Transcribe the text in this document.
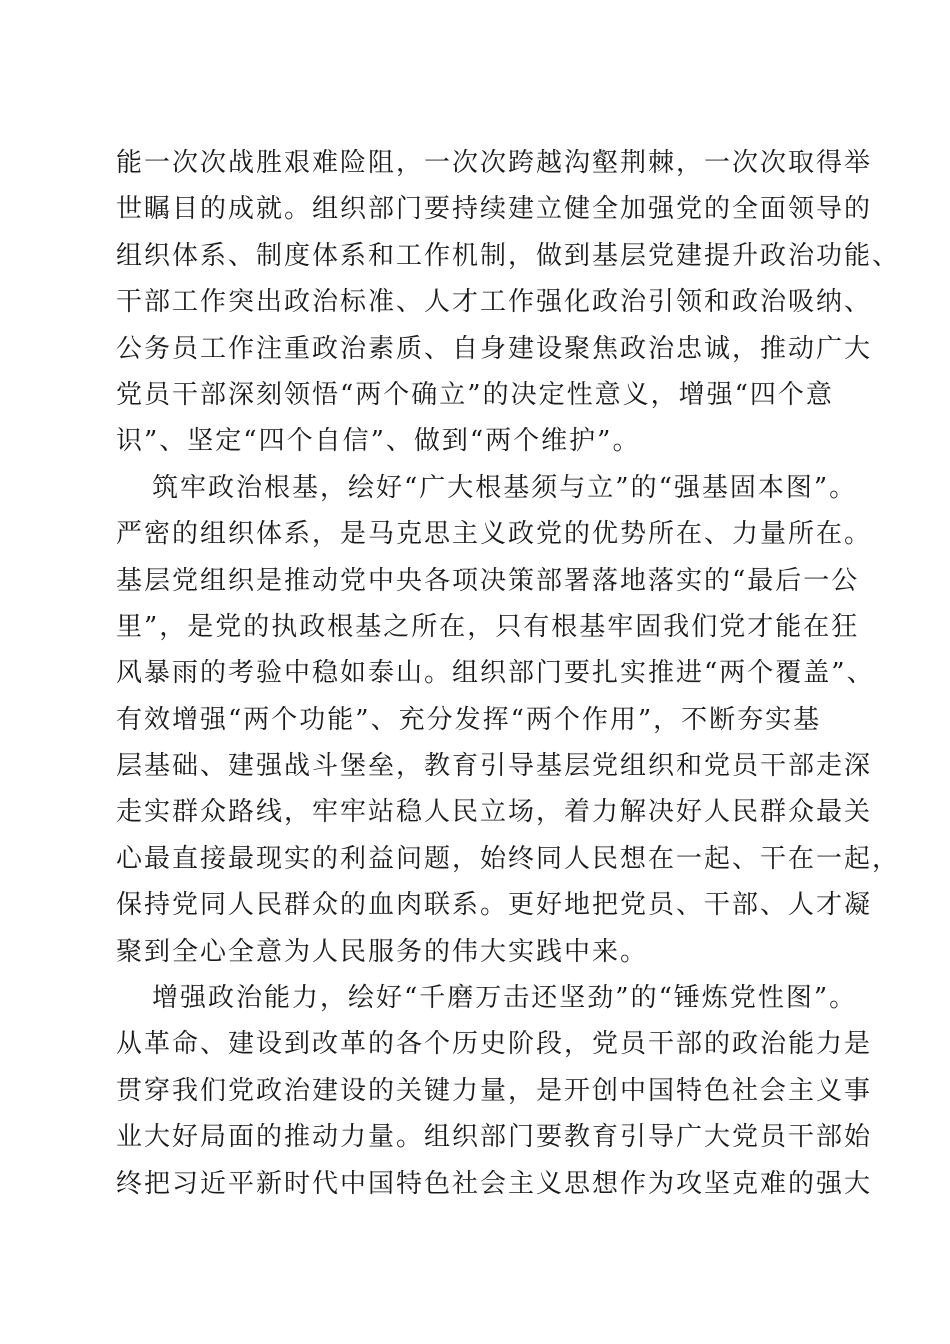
能一次次战胜艰难险阻，一次次跨越沟壑荆棘，一次次取得举
世瞩目的成就。组织部门要持续建立健全加强党的全面领导的
组织体系、制度体系和工作机制，做到基层党建提升政治功能、
干部工作突出政治标准、人才工作强化政治引领和政治吸纳、
公务员工作注重政治素质、自身建设聚焦政治忠诚，推动广大
党员干部深刻领悟“两个确立”的决定性意义，增强“四个意
识”、坚定“四个自信”、做到“两个维护”。
筑牢政治根基，绘好“广大根基须与立”的“强基固本图”。
严密的组织体系，是马克思主义政党的优势所在、力量所在。
基层党组织是推动党中央各项决策部署落地落实的“最后一公
里”，是党的执政根基之所在，只有根基牢固我们党才能在狂
风暴雨的考验中稳如泰山。组织部门要扎实推进“两个覆盖”、
有效增强“两个功能”、充分发挥“两个作用”，不断夯实基
层基础、建强战斗堡垒，教育引导基层党组织和党员干部走深
走实群众路线，牢牢站稳人民立场，着力解决好人民群众最关
心最直接最现实的利益问题，始终同人民想在一起、干在一起，
保持党同人民群众的血肉联系。更好地把党员、干部、人才凝
聚到全心全意为人民服务的伟大实践中来。
增强政治能力，绘好“千磨万击还坚劲”的“锤炼党性图”。
从革命、建设到改革的各个历史阶段，党员干部的政治能力是
贯穿我们党政治建设的关键力量，是开创中国特色社会主义事
业大好局面的推动力量。组织部门要教育引导广大党员干部始
终把习近平新时代中国特色社会主义思想作为攻坚克难的强大
